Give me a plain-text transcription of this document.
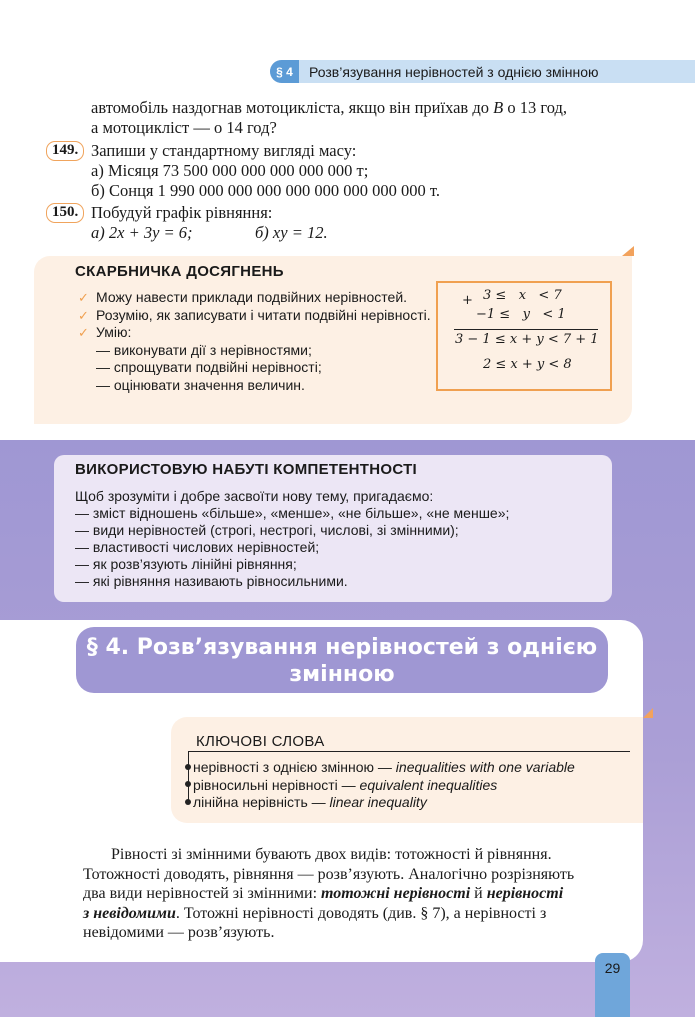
§ 4	Розв’язування нерівностей з однією змінною
автомобіль наздогнав мотоцикліста, якщо він приїхав до B о 13 год,
а мотоцикліст — о 14 год?
149. Запиши у стандартному вигляді масу:
а) Місяця 73 500 000 000 000 000 000 т;
б) Сонця 1 990 000 000 000 000 000 000 000 000 т.
150. Побудуй графік рівняння:
а) 2x + 3y = 6;	б) xy = 12.
СКАРБНИЧКА ДОСЯГНЕНЬ
✓ Можу навести приклади подвійних нерівностей.
✓ Розумію, як записувати і читати подвійні нерівності.
✓ Умію:
— виконувати дії з нерівностями;
— спрощувати подвійні нерівності;
— оцінювати значення величин.
+ 3 ≤   x   < 7
−1 ≤   y   < 1
3 − 1 ≤ x + y < 7 + 1
2 ≤ x + y < 8
ВИКОРИСТОВУЮ НАБУТІ КОМПЕТЕНТНОСТІ
Щоб зрозуміти і добре засвоїти нову тему, пригадаємо:
— зміст відношень «більше», «менше», «не більше», «не менше»;
— види нерівностей (строгі, нестрогі, числові, зі змінними);
— властивості числових нерівностей;
— як розв’язують лінійні рівняння;
— які рівняння називають рівносильними.
§ 4. Розв’язування нерівностей з однією
змінною
КЛЮЧОВІ СЛОВА
нерівності з однією змінною — inequalities with one variable
рівносильні нерівності — equivalent inequalities
лінійна нерівність — linear inequality
Рівності зі змінними бувають двох видів: тотожності й рівняння.
Тотожності доводять, рівняння — розв’язують. Аналогічно розрізняють
два види нерівностей зі змінними: тотожні нерівності й нерівності
з невідомими. Тотожні нерівності доводять (див. § 7), а нерівності з
невідомими — розв’язують.
29
